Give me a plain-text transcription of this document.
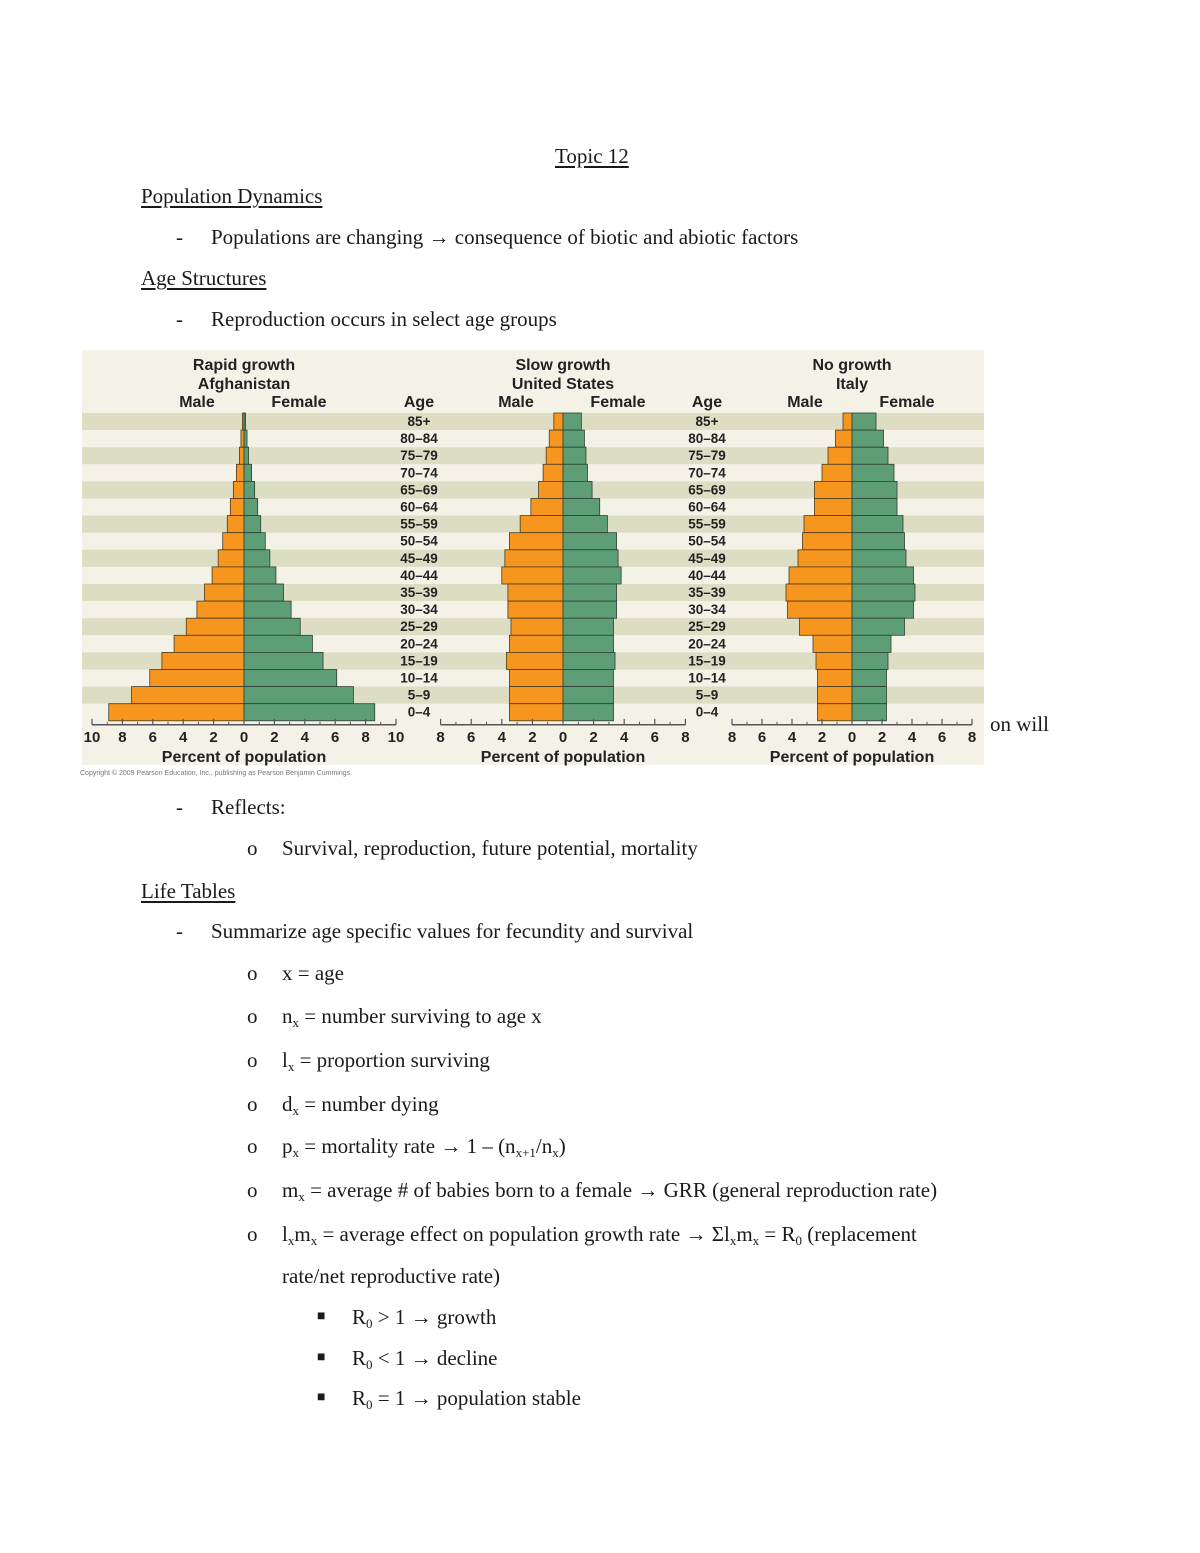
Topic 12
Population Dynamics
- Populations are changing → consequence of biotic and abiotic factors
Age Structures
- Reproduction occurs in select age groups
Rapid growth
Afghanistan
Male	Female
10 8 6 4 2 0 2 4 6 8 10
Percent of population
Slow growth
United States
Male	Female
8 6 4 2 0 2 4 6 8
Percent of population
No growth
Italy
Male	Female
8 6 4 2 0 2 4 6 8
Percent of population
Age
85+
80–84
75–79
70–74
65–69
60–64
55–59
50–54
45–49
40–44
35–39
30–34
25–29
20–24
15–19
10–14
5–9
0–4
Age
85+
80–84
75–79
70–74
65–69
60–64
55–59
50–54
45–49
40–44
35–39
30–34
25–29
20–24
15–19
10–14
5–9
0–4
Copyright © 2009 Pearson Education, Inc., publishing as Pearson Benjamin Cummings.
on will
- Reflects:
o Survival, reproduction, future potential, mortality
Life Tables
- Summarize age specific values for fecundity and survival
o x = age
o $n_x$ = number surviving to age x
o $l_x$ = proportion surviving
o $d_x$ = number dying
o $p_x$ = mortality rate → $1 - (n_{x+1}/n_x)$
o $m_x$ = average # of babies born to a female → GRR (general reproduction rate)
o $l_xm_x$ = average effect on population growth rate → $\Sigma l_xm_x = R_0$ (replacement
rate/net reproductive rate)
■ $R_0 > 1$ → growth
■ $R_0 < 1$ → decline
■ $R_0 = 1$ → population stable
